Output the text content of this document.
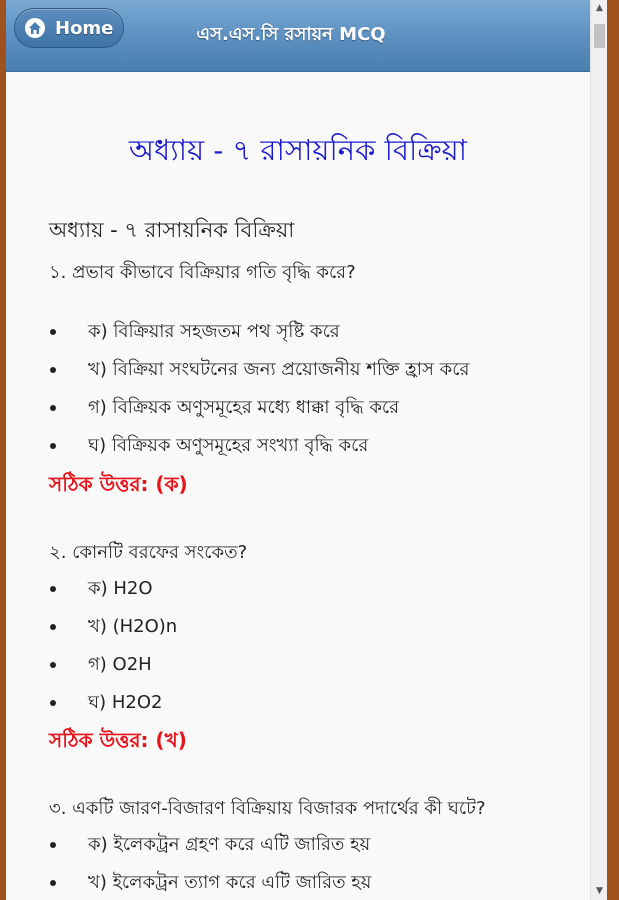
Home	এস.এস.সি রসায়ন MCQ
অধ্যায় - ৭ রাসায়নিক বিক্রিয়া
অধ্যায় - ৭ রাসায়নিক বিক্রিয়া
১. প্রভাব কীভাবে বিক্রিয়ার গতি বৃদ্ধি করে?
ক) বিক্রিয়ার সহজতম পথ সৃষ্টি করে
খ) বিক্রিয়া সংঘটনের জন্য প্রয়োজনীয় শক্তি হ্রাস করে
গ) বিক্রিয়ক অণুসমূহের মধ্যে ধাক্কা বৃদ্ধি করে
ঘ) বিক্রিয়ক অণুসমূহের সংখ্যা বৃদ্ধি করে
সঠিক উত্তর: (ক)
২. কোনটি বরফের সংকেত?
ক) H2O
খ) (H2O)n
গ) O2H
ঘ) H2O2
সঠিক উত্তর: (খ)
৩. একটি জারণ-বিজারণ বিক্রিয়ায় বিজারক পদার্থের কী ঘটে?
ক) ইলেকট্রন গ্রহণ করে এটি জারিত হয়
খ) ইলেকট্রন ত্যাগ করে এটি জারিত হয়
▲
▼
